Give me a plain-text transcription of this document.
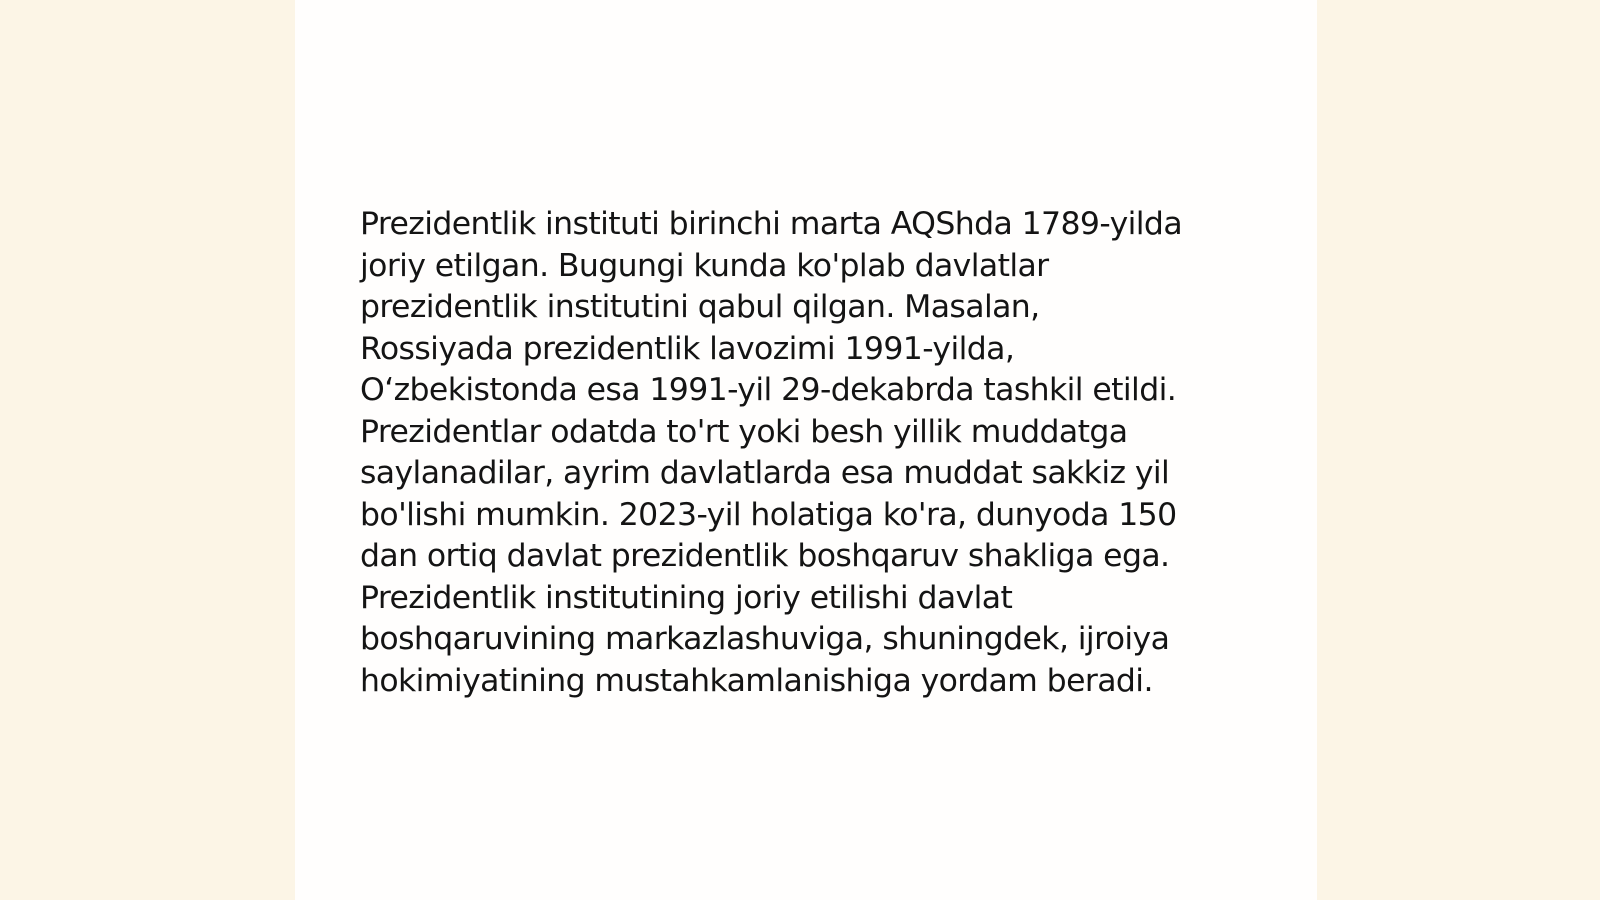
Prezidentlik instituti birinchi marta AQShda 1789-yilda
joriy etilgan. Bugungi kunda ko'plab davlatlar
prezidentlik institutini qabul qilgan. Masalan,
Rossiyada prezidentlik lavozimi 1991-yilda,
O‘zbekistonda esa 1991-yil 29-dekabrda tashkil etildi.
Prezidentlar odatda to'rt yoki besh yillik muddatga
saylanadilar, ayrim davlatlarda esa muddat sakkiz yil
bo'lishi mumkin. 2023-yil holatiga ko'ra, dunyoda 150
dan ortiq davlat prezidentlik boshqaruv shakliga ega.
Prezidentlik institutining joriy etilishi davlat
boshqaruvining markazlashuviga, shuningdek, ijroiya
hokimiyatining mustahkamlanishiga yordam beradi.
